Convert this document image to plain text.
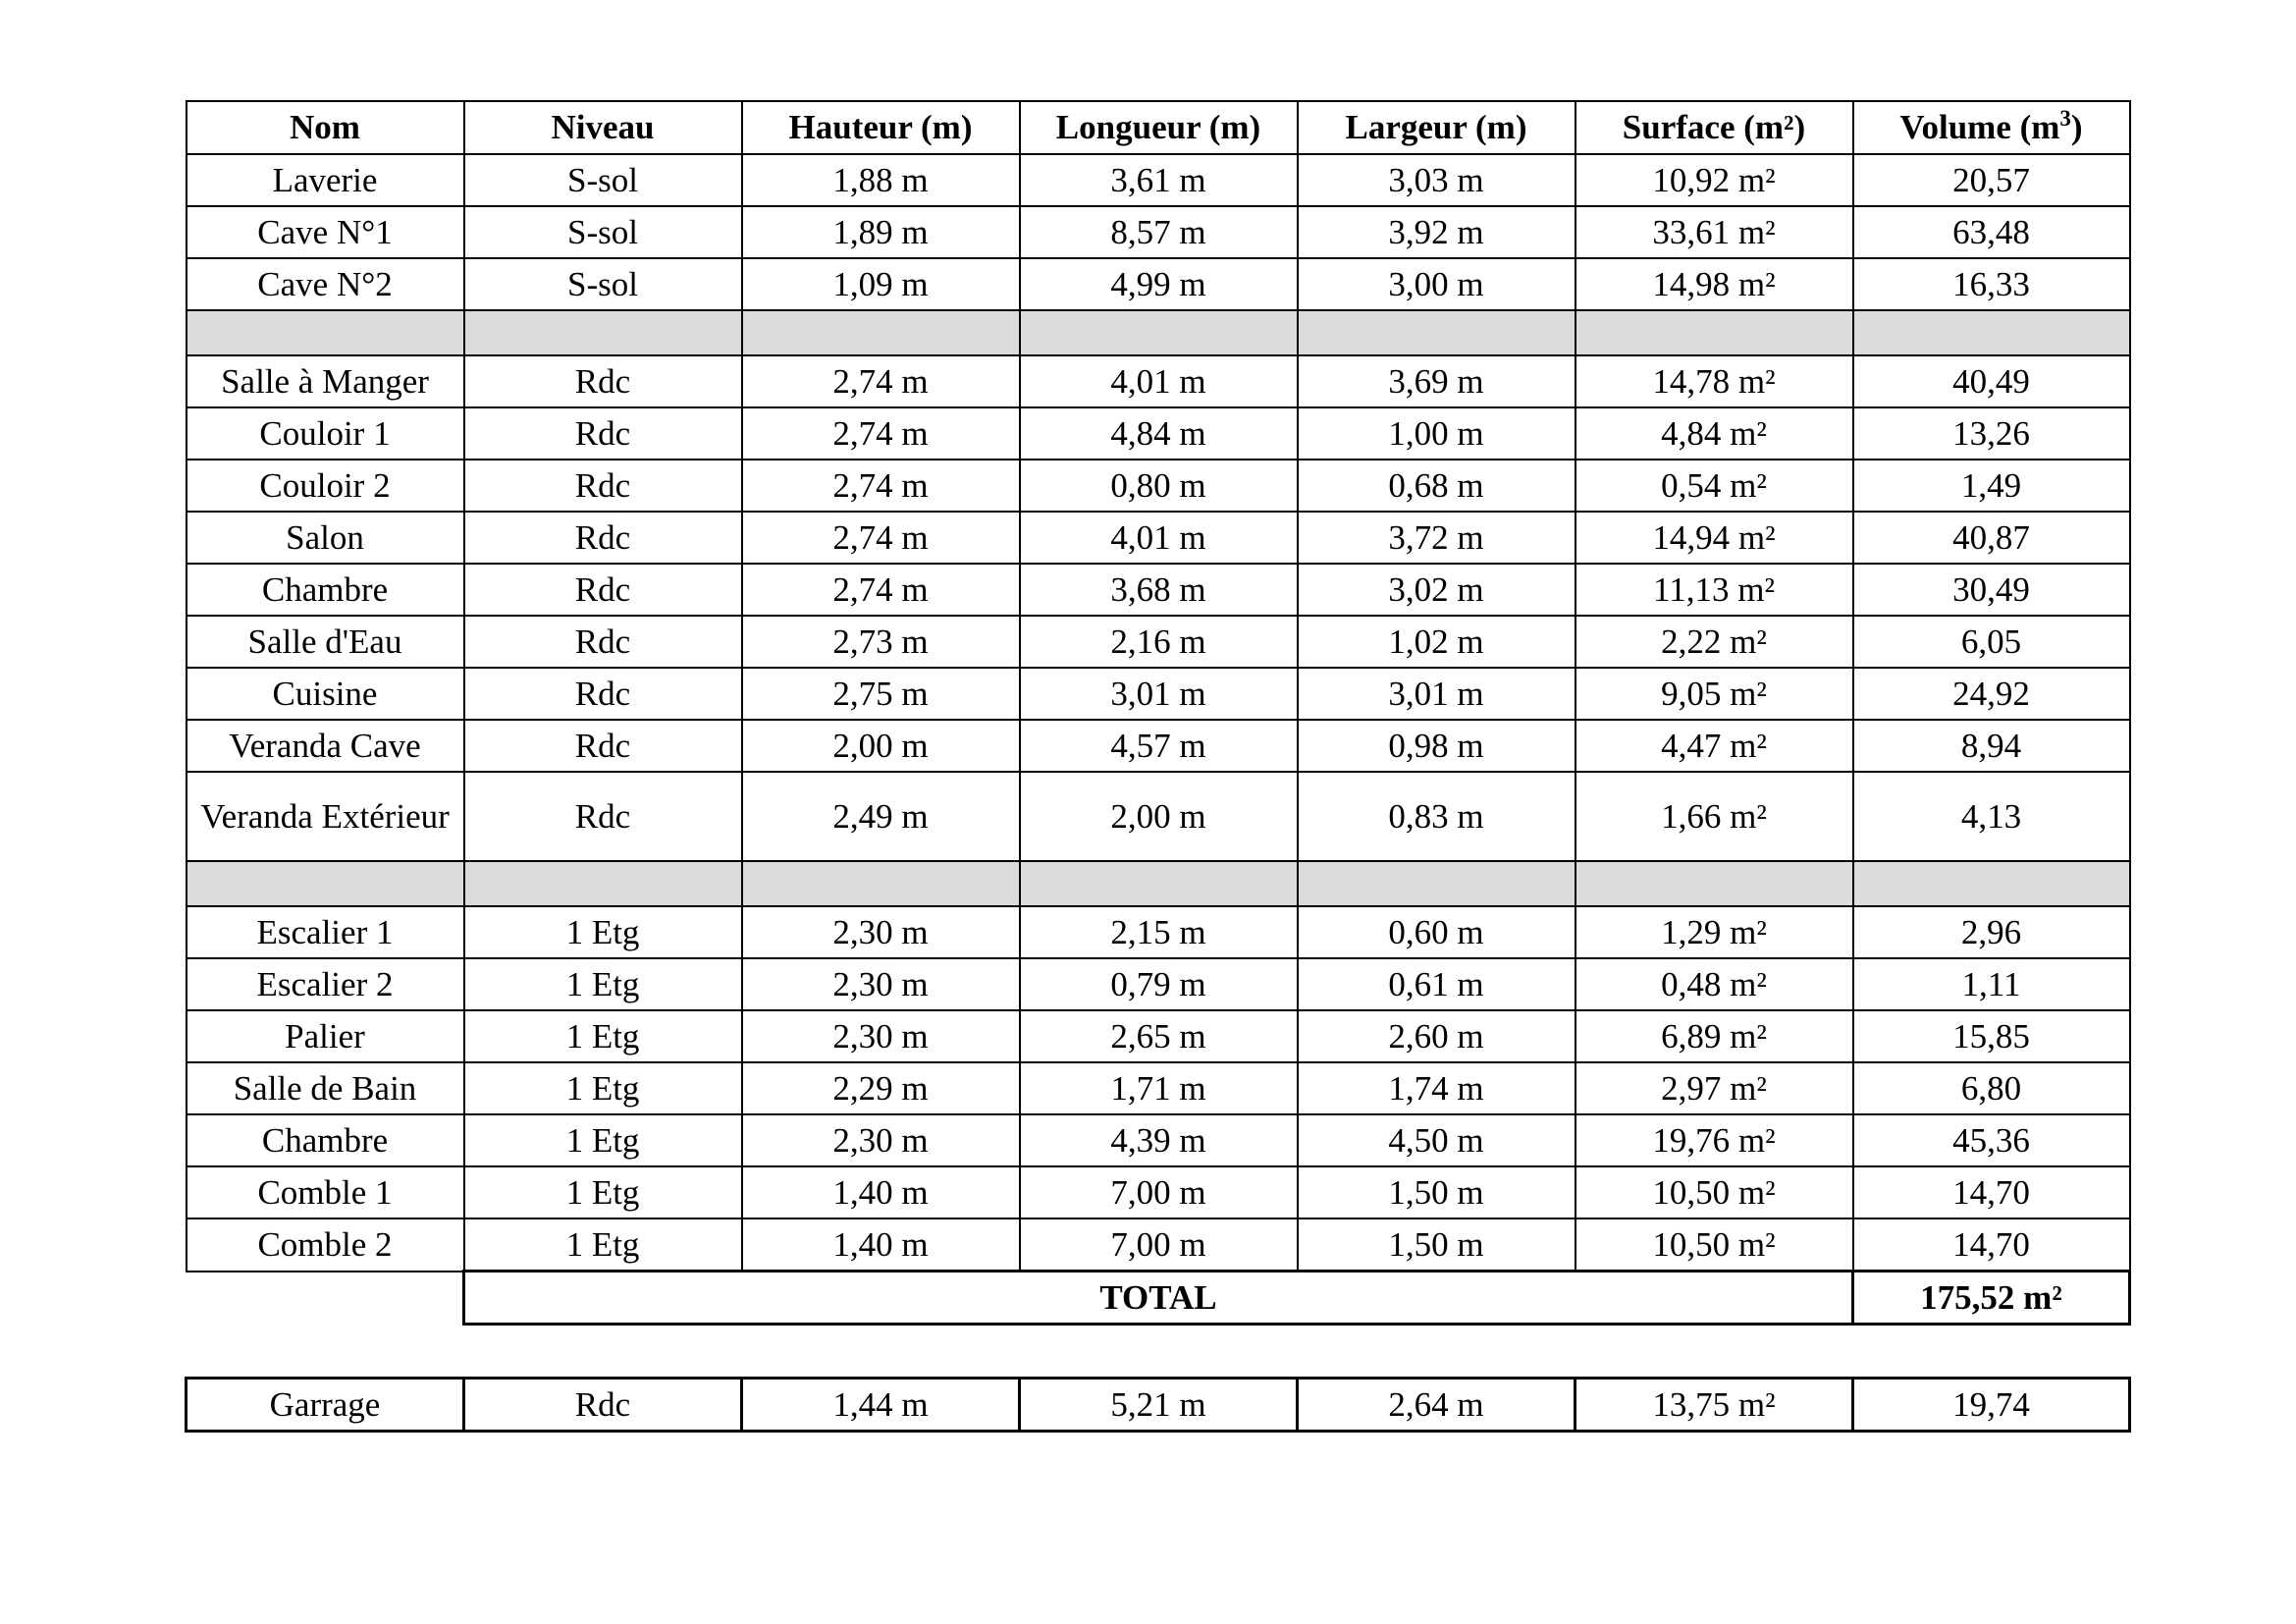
Nom	Niveau	Hauteur (m)	Longueur (m)	Largeur (m)	Surface (m²)	Volume $(m^3)$	
Laverie	S-sol	1,88 m	3,61 m	3,03 m	10,92 m²	20,57	
Cave N°1	S-sol	1,89 m	8,57 m	3,92 m	33,61 m²	63,48	
Cave N°2	S-sol	1,09 m	4,99 m	3,00 m	14,98 m²	16,33	

Salle à Manger	Rdc	2,74 m	4,01 m	3,69 m	14,78 m²	40,49	
Couloir 1	Rdc	2,74 m	4,84 m	1,00 m	4,84 m²	13,26	
Couloir 2	Rdc	2,74 m	0,80 m	0,68 m	0,54 m²	1,49	
Salon	Rdc	2,74 m	4,01 m	3,72 m	14,94 m²	40,87	
Chambre	Rdc	2,74 m	3,68 m	3,02 m	11,13 m²	30,49	
Salle d'Eau	Rdc	2,73 m	2,16 m	1,02 m	2,22 m²	6,05	
Cuisine	Rdc	2,75 m	3,01 m	3,01 m	9,05 m²	24,92	
Veranda Cave	Rdc	2,00 m	4,57 m	0,98 m	4,47 m²	8,94	
Veranda Extérieur	Rdc	2,49 m	2,00 m	0,83 m	1,66 m²	4,13	

Escalier 1	1 Etg	2,30 m	2,15 m	0,60 m	1,29 m²	2,96	
Escalier 2	1 Etg	2,30 m	0,79 m	0,61 m	0,48 m²	1,11	
Palier	1 Etg	2,30 m	2,65 m	2,60 m	6,89 m²	15,85	
Salle de Bain	1 Etg	2,29 m	1,71 m	1,74 m	2,97 m²	6,80	
Chambre	1 Etg	2,30 m	4,39 m	4,50 m	19,76 m²	45,36	
Comble 1	1 Etg	1,40 m	7,00 m	1,50 m	10,50 m²	14,70	
Comble 2	1 Etg	1,40 m	7,00 m	1,50 m	10,50 m²	14,70	
	TOTAL					175,52 m²	

Garrage	Rdc	1,44 m	5,21 m	2,64 m	13,75 m²	19,74	
